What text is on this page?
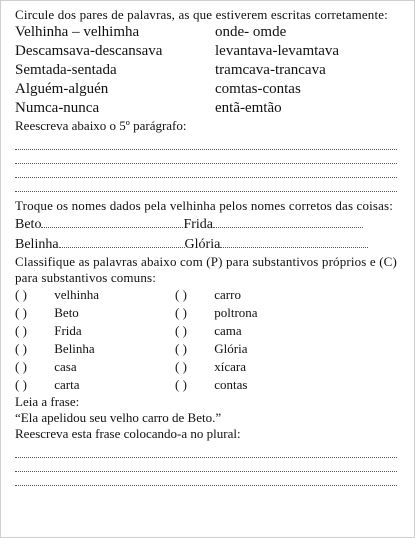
Circule dos pares de palavras, as que estiverem escritas corretamente:

Velhinha – velhimha	onde- omde
Descamsava-descansava	levantava-levamtava
Semtada-sentada	tramcava-trancava
Alguém-alguén	comtas-contas
Numca-nunca	entã-emtão

Reescreva abaixo o 5º parágrafo:

Troque os nomes dados pela velhinha pelos nomes corretos das coisas:

Beto	Frida
Belinha	Glória

Classifique as palavras abaixo com (P) para substantivos próprios e (C) para substantivos comuns:

( ) velhinha	( ) carro
( ) Beto	( ) poltrona
( ) Frida	( ) cama
( ) Belinha	( ) Glória
( ) casa	( ) xícara
( ) carta	( ) contas

Leia a frase:

“Ela apelidou seu velho carro de Beto.”

Reescreva esta frase colocando-a no plural:
